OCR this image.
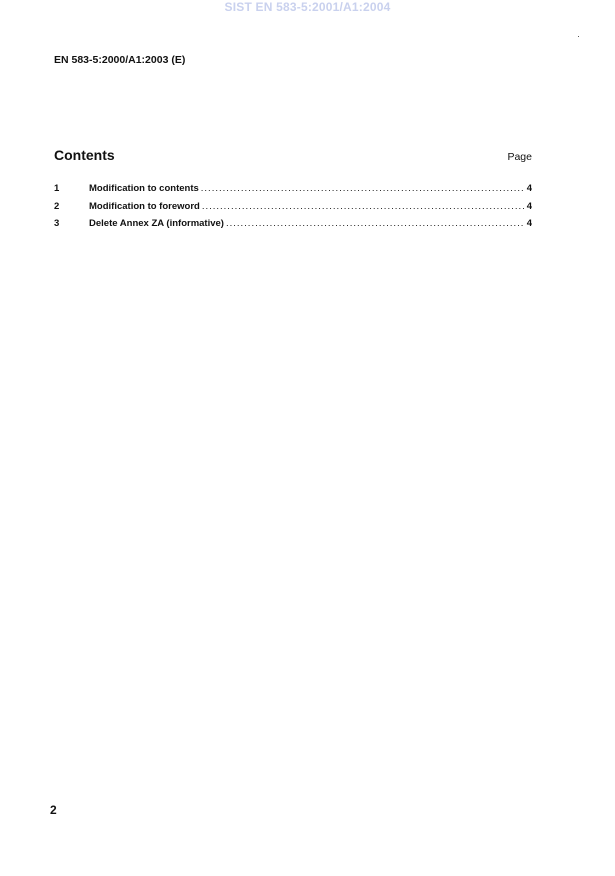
SIST EN 583-5:2001/A1:2004
EN 583-5:2000/A1:2003 (E)
Contents	Page
1	Modification to contents .....	4
2	Modification to foreword .....	4
3	Delete Annex ZA (informative) .....	4
2
